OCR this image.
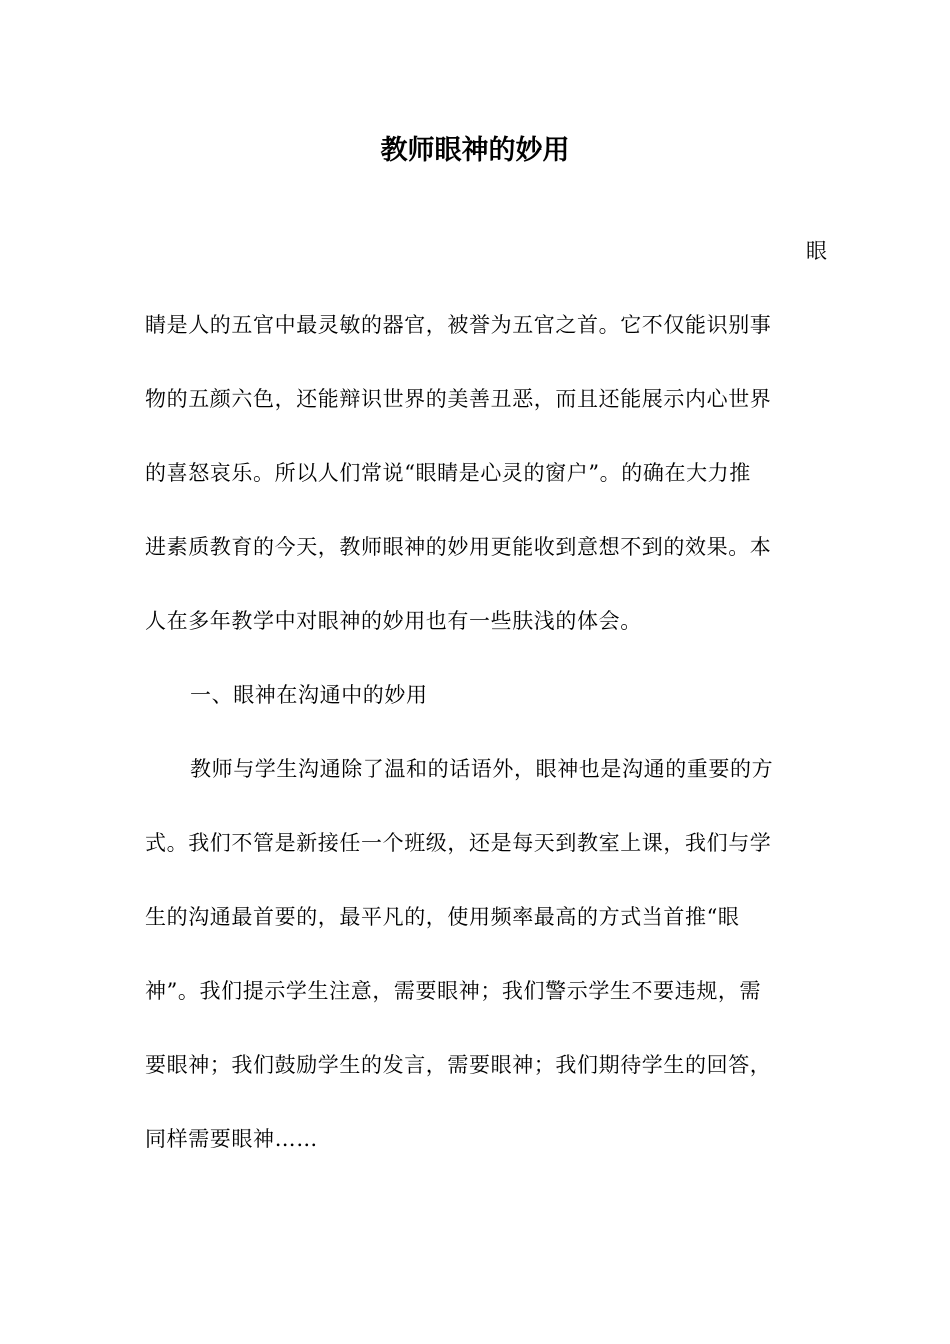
教师眼神的妙用

眼

睛是人的五官中最灵敏的器官，被誉为五官之首。它不仅能识别事

物的五颜六色，还能辩识世界的美善丑恶，而且还能展示内心世界

的喜怒哀乐。所以人们常说“眼睛是心灵的窗户”。的确在大力推

进素质教育的今天，教师眼神的妙用更能收到意想不到的效果。本

人在多年教学中对眼神的妙用也有一些肤浅的体会。

一、眼神在沟通中的妙用

教师与学生沟通除了温和的话语外，眼神也是沟通的重要的方

式。我们不管是新接任一个班级，还是每天到教室上课，我们与学

生的沟通最首要的，最平凡的，使用频率最高的方式当首推“眼

神”。我们提示学生注意，需要眼神；我们警示学生不要违规，需

要眼神；我们鼓励学生的发言，需要眼神；我们期待学生的回答，

同样需要眼神……
